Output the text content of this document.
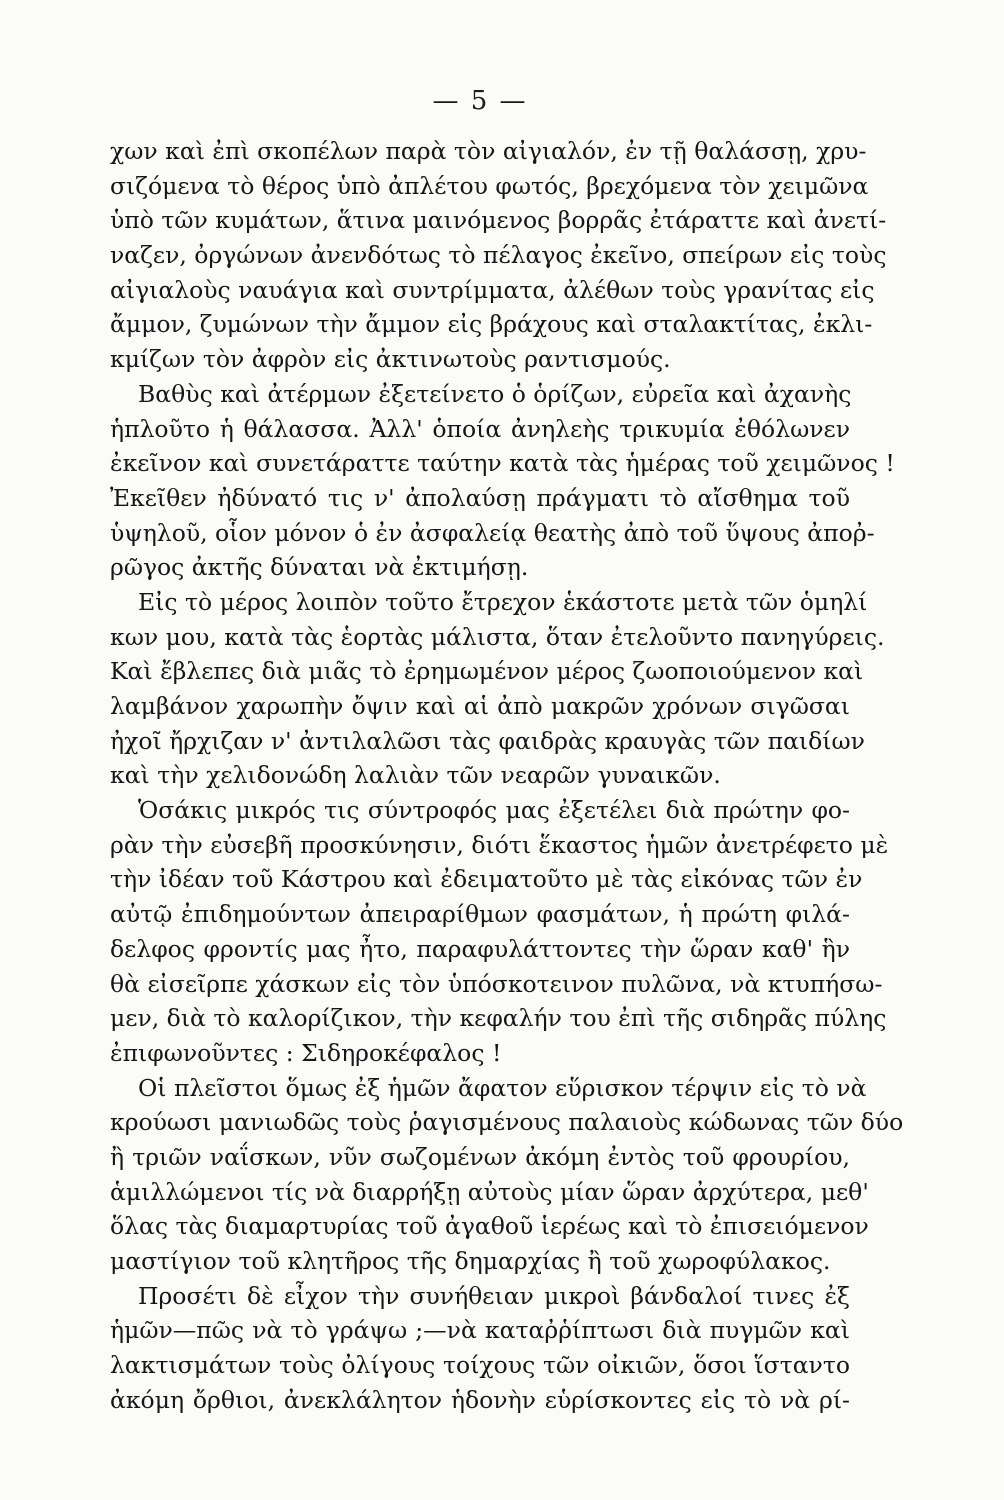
— 5 —
χων καὶ ἐπὶ σκοπέλων παρὰ τὸν αἰγιαλόν, ἐν τῇ θαλάσσῃ, χρυ-
σιζόμενα τὸ θέρος ὑπὸ ἀπλέτου φωτός, βρεχόμενα τὸν χειμῶνα
ὑπὸ τῶν κυμάτων, ἅτινα μαινόμενος βορρᾶς ἐτάραττε καὶ ἀνετί-
ναζεν, ὀργώνων ἀνενδότως τὸ πέλαγος ἐκεῖνο, σπείρων εἰς τοὺς
αἰγιαλοὺς ναυάγια καὶ συντρίμματα, ἀλέθων τοὺς γρανίτας εἰς
ἄμμον, ζυμώνων τὴν ἄμμον εἰς βράχους καὶ σταλακτίτας, ἐκλι-
κμίζων τὸν ἀφρὸν εἰς ἀκτινωτοὺς ραντισμούς.
Βαθὺς καὶ ἀτέρμων ἐξετείνετο ὁ ὁρίζων, εὐρεῖα καὶ ἀχανὴς
ἡπλοῦτο ἡ θάλασσα. Ἀλλ' ὁποία ἀνηλεὴς τρικυμία ἐθόλωνεν
ἐκεῖνον καὶ συνετάραττε ταύτην κατὰ τὰς ἡμέρας τοῦ χειμῶνος !
Ἐκεῖθεν ἠδύνατό τις ν' ἀπολαύσῃ πράγματι τὸ αἴσθημα τοῦ
ὑψηλοῦ, οἷον μόνον ὁ ἐν ἀσφαλείᾳ θεατὴς ἀπὸ τοῦ ὕψους ἀποῤ-
ρῶγος ἀκτῆς δύναται νὰ ἐκτιμήσῃ.
Εἰς τὸ μέρος λοιπὸν τοῦτο ἔτρεχον ἑκάστοτε μετὰ τῶν ὁμηλί
κων μου, κατὰ τὰς ἑορτὰς μάλιστα, ὅταν ἐτελοῦντο πανηγύρεις.
Καὶ ἔβλεπες διὰ μιᾶς τὸ ἐρημωμένον μέρος ζωοποιούμενον καὶ
λαμβάνον χαρωπὴν ὄψιν καὶ αἱ ἀπὸ μακρῶν χρόνων σιγῶσαι
ἠχοῖ ἤρχιζαν ν' ἀντιλαλῶσι τὰς φαιδρὰς κραυγὰς τῶν παιδίων
καὶ τὴν χελιδονώδη λαλιὰν τῶν νεαρῶν γυναικῶν.
Ὁσάκις μικρός τις σύντροφός μας ἐξετέλει διὰ πρώτην φο-
ρὰν τὴν εὐσεβῆ προσκύνησιν, διότι ἕκαστος ἡμῶν ἀνετρέφετο μὲ
τὴν ἰδέαν τοῦ Κάστρου καὶ ἐδειματοῦτο μὲ τὰς εἰκόνας τῶν ἐν
αὐτῷ ἐπιδημούντων ἀπειραρίθμων φασμάτων, ἡ πρώτη φιλά-
δελφος φροντίς μας ἦτο, παραφυλάττοντες τὴν ὥραν καθ' ἣν
θὰ εἰσεῖρπε χάσκων εἰς τὸν ὑπόσκοτεινον πυλῶνα, νὰ κτυπήσω-
μεν, διὰ τὸ καλορίζικον, τὴν κεφαλήν του ἐπὶ τῆς σιδηρᾶς πύλης
ἐπιφωνοῦντες : Σιδηροκέφαλος !
Οἱ πλεῖστοι ὅμως ἐξ ἡμῶν ἄφατον εὕρισκον τέρψιν εἰς τὸ νὰ
κρούωσι μανιωδῶς τοὺς ῥαγισμένους παλαιοὺς κώδωνας τῶν δύο
ἢ τριῶν ναΐσκων, νῦν σωζομένων ἀκόμη ἐντὸς τοῦ φρουρίου,
ἁμιλλώμενοι τίς νὰ διαρρήξῃ αὐτοὺς μίαν ὥραν ἀρχύτερα, μεθ'
ὅλας τὰς διαμαρτυρίας τοῦ ἀγαθοῦ ἱερέως καὶ τὸ ἐπισειόμενον
μαστίγιον τοῦ κλητῆρος τῆς δημαρχίας ἢ τοῦ χωροφύλακος.
Προσέτι δὲ εἶχον τὴν συνήθειαν μικροὶ βάνδαλοί τινες ἐξ
ἡμῶν—πῶς νὰ τὸ γράψω ;—νὰ καταῤῥίπτωσι διὰ πυγμῶν καὶ
λακτισμάτων τοὺς ὀλίγους τοίχους τῶν οἰκιῶν, ὅσοι ἵσταντο
ἀκόμη ὄρθιοι, ἀνεκλάλητον ἡδονὴν εὑρίσκοντες εἰς τὸ νὰ ρί-
